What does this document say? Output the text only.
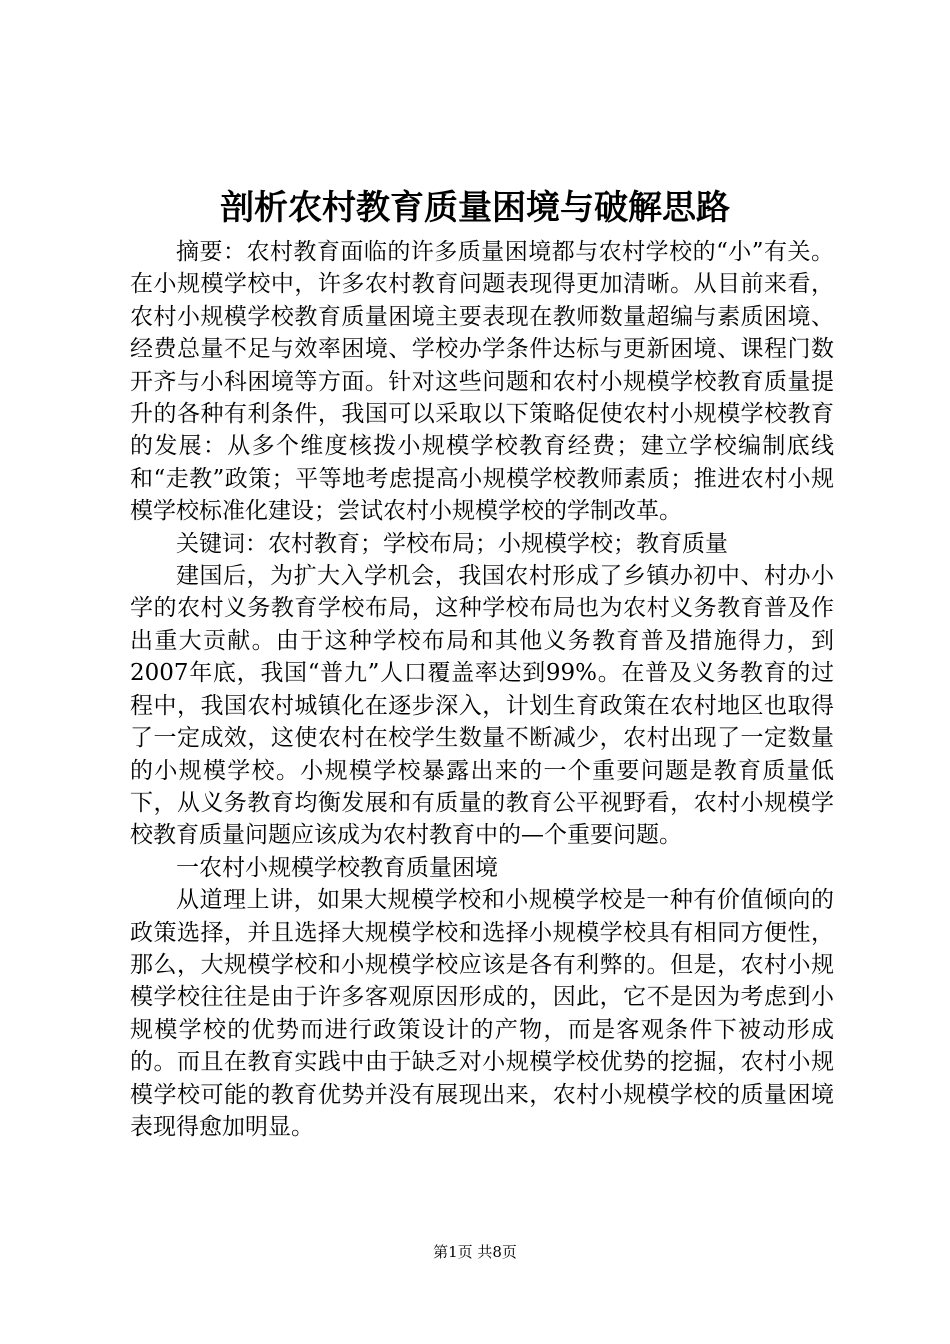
剖析农村教育质量困境与破解思路

摘要：农村教育面临的许多质量困境都与农村学校的“小”有关。在小规模学校中，许多农村教育问题表现得更加清晰。从目前来看，农村小规模学校教育质量困境主要表现在教师数量超编与素质困境、经费总量不足与效率困境、学校办学条件达标与更新困境、课程门数开齐与小科困境等方面。针对这些问题和农村小规模学校教育质量提升的各种有利条件，我国可以采取以下策略促使农村小规模学校教育的发展：从多个维度核拨小规模学校教育经费；建立学校编制底线和“走教”政策；平等地考虑提高小规模学校教师素质；推进农村小规模学校标准化建设；尝试农村小规模学校的学制改革。

关键词：农村教育；学校布局；小规模学校；教育质量

建国后，为扩大入学机会，我国农村形成了乡镇办初中、村办小学的农村义务教育学校布局，这种学校布局也为农村义务教育普及作出重大贡献。由于这种学校布局和其他义务教育普及措施得力，到2007年底，我国“普九”人口覆盖率达到99%。在普及义务教育的过程中，我国农村城镇化在逐步深入，计划生育政策在农村地区也取得了一定成效，这使农村在校学生数量不断减少，农村出现了一定数量的小规模学校。小规模学校暴露出来的一个重要问题是教育质量低下，从义务教育均衡发展和有质量的教育公平视野看，农村小规模学校教育质量问题应该成为农村教育中的—个重要问题。

一农村小规模学校教育质量困境

从道理上讲，如果大规模学校和小规模学校是一种有价值倾向的政策选择，并且选择大规模学校和选择小规模学校具有相同方便性，那么，大规模学校和小规模学校应该是各有利弊的。但是，农村小规模学校往往是由于许多客观原因形成的，因此，它不是因为考虑到小规模学校的优势而进行政策设计的产物，而是客观条件下被动形成的。而且在教育实践中由于缺乏对小规模学校优势的挖掘，农村小规模学校可能的教育优势并没有展现出来，农村小规模学校的质量困境表现得愈加明显。

第1页 共8页
